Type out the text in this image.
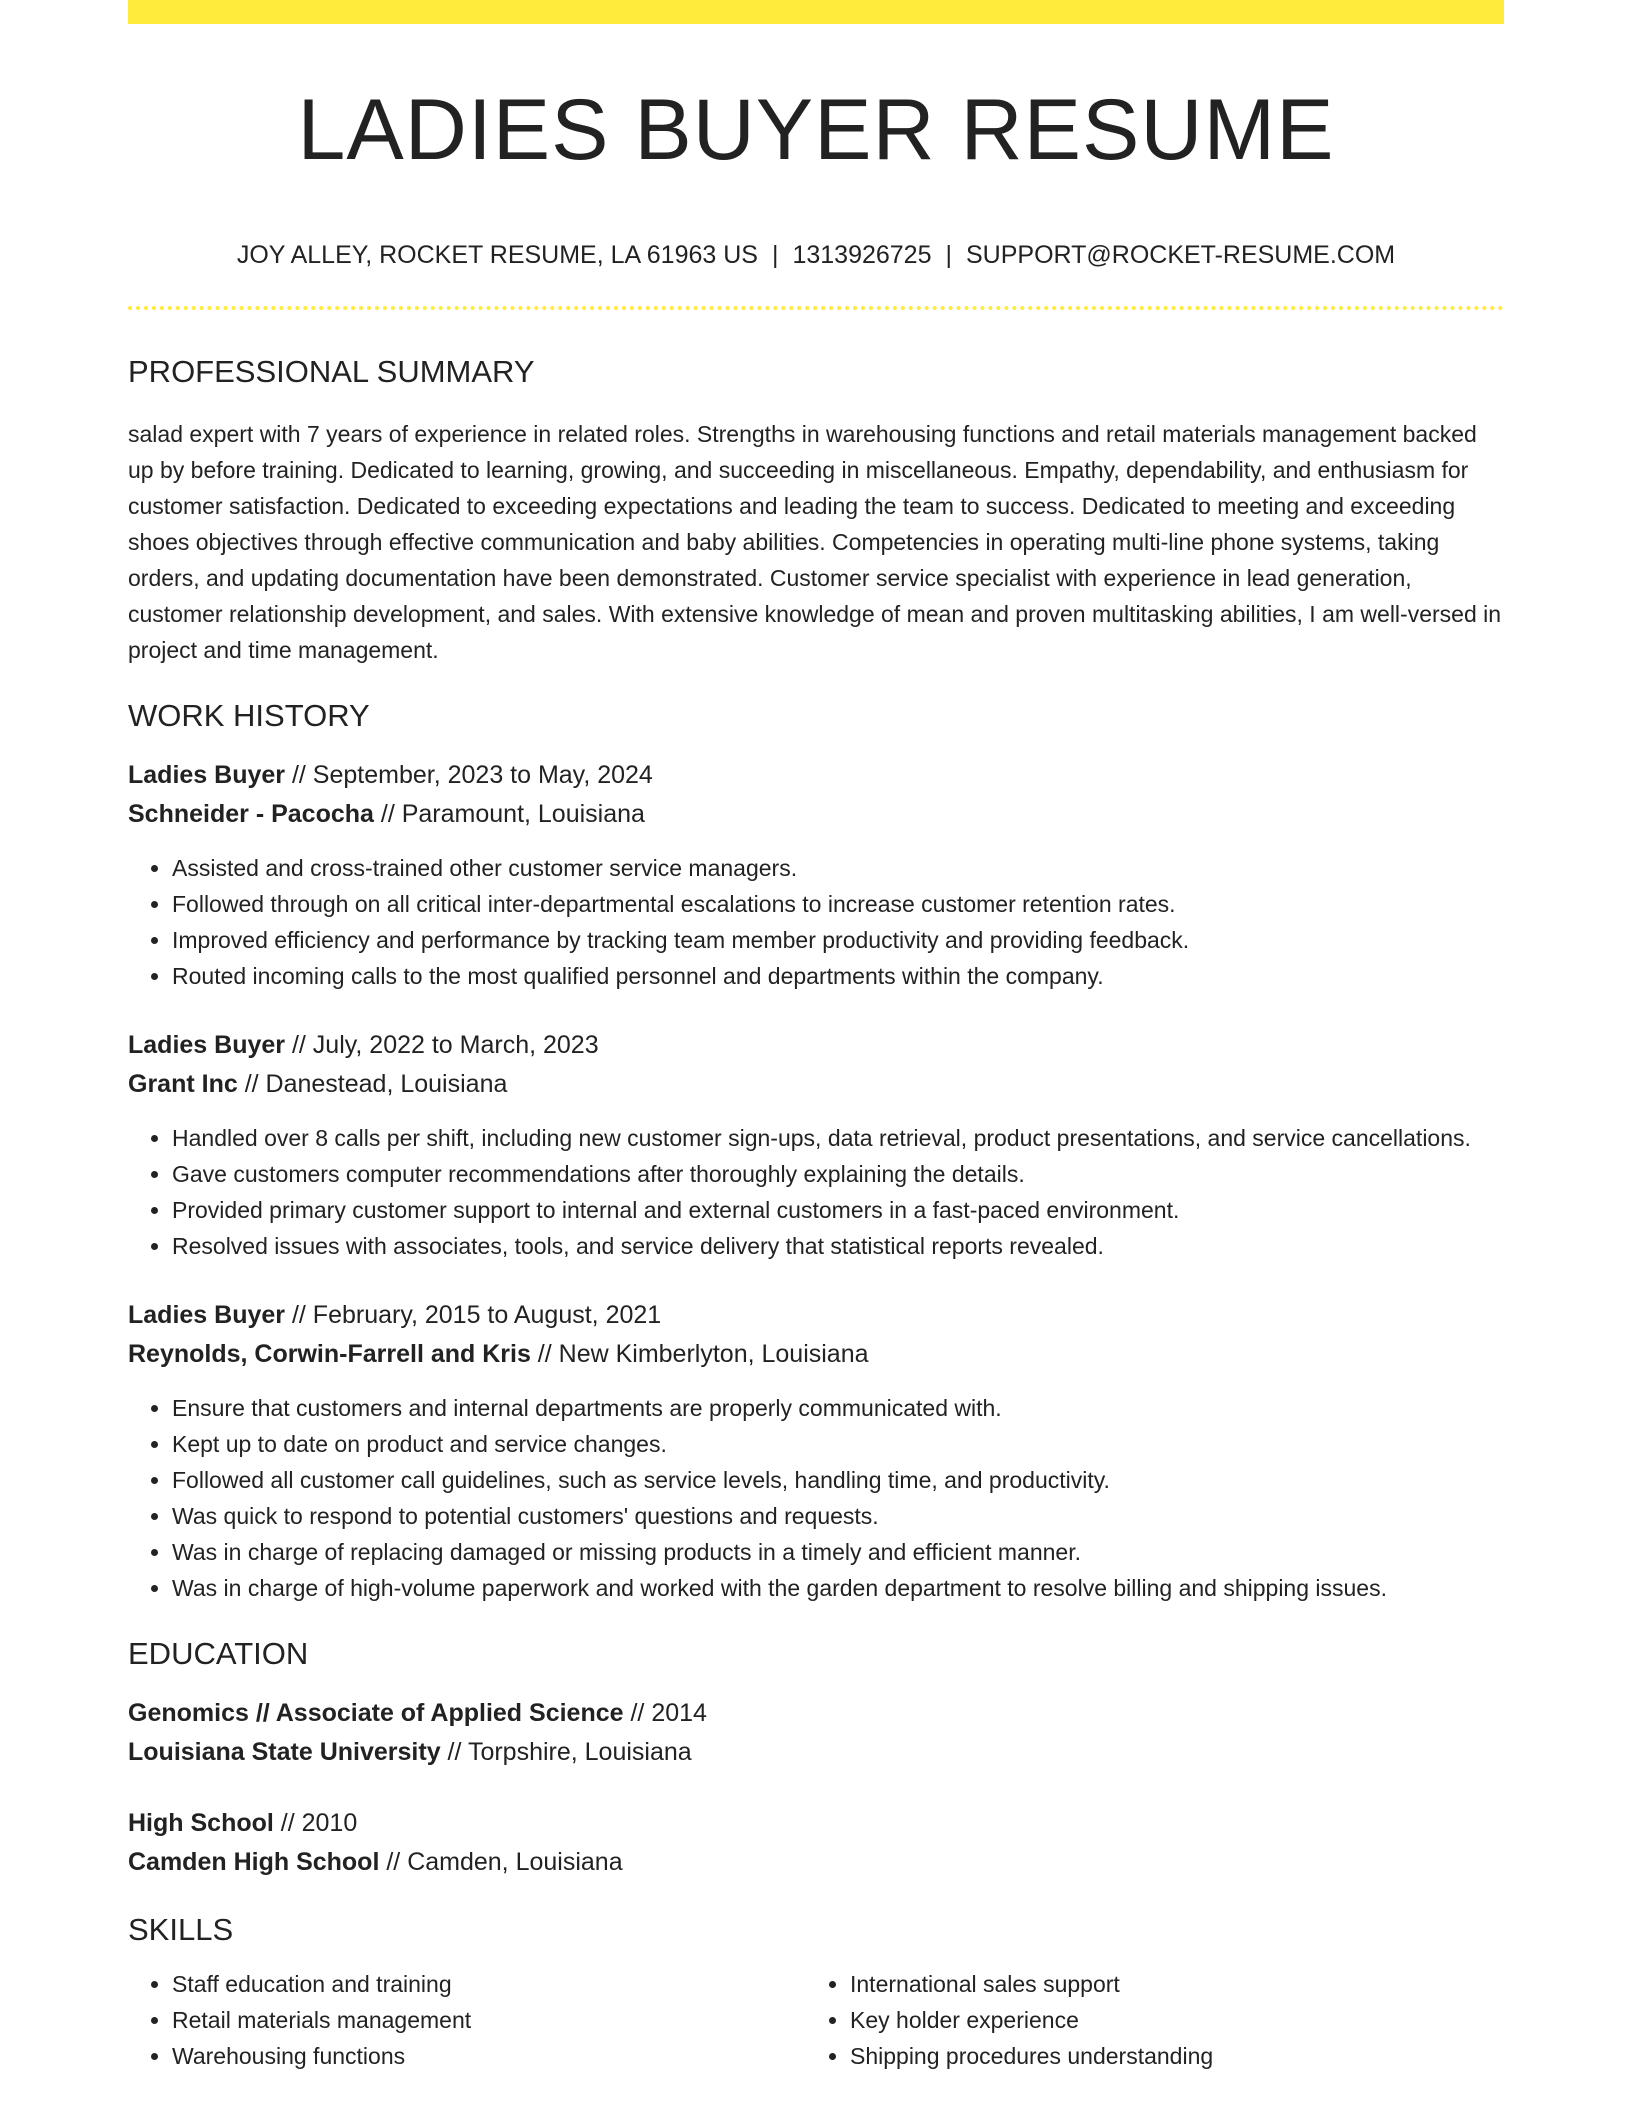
LADIES BUYER RESUME
JOY ALLEY, ROCKET RESUME, LA 61963 US | 1313926725 | SUPPORT@ROCKET-RESUME.COM
PROFESSIONAL SUMMARY

salad expert with 7 years of experience in related roles. Strengths in warehousing functions and retail materials management backed up by before training. Dedicated to learning, growing, and succeeding in miscellaneous. Empathy, dependability, and enthusiasm for customer satisfaction. Dedicated to exceeding expectations and leading the team to success. Dedicated to meeting and exceeding shoes objectives through effective communication and baby abilities. Competencies in operating multi-line phone systems, taking orders, and updating documentation have been demonstrated. Customer service specialist with experience in lead generation, customer relationship development, and sales. With extensive knowledge of mean and proven multitasking abilities, I am well-versed in project and time management.

WORK HISTORY

Ladies Buyer // September, 2023 to May, 2024

Schneider - Pacocha // Paramount, Louisiana

• Assisted and cross-trained other customer service managers.
• Followed through on all critical inter-departmental escalations to increase customer retention rates.
• Improved efficiency and performance by tracking team member productivity and providing feedback.
• Routed incoming calls to the most qualified personnel and departments within the company.

Ladies Buyer // July, 2022 to March, 2023

Grant Inc // Danestead, Louisiana

• Handled over 8 calls per shift, including new customer sign-ups, data retrieval, product presentations, and service cancellations.
• Gave customers computer recommendations after thoroughly explaining the details.
• Provided primary customer support to internal and external customers in a fast-paced environment.
• Resolved issues with associates, tools, and service delivery that statistical reports revealed.

Ladies Buyer // February, 2015 to August, 2021

Reynolds, Corwin-Farrell and Kris // New Kimberlyton, Louisiana

• Ensure that customers and internal departments are properly communicated with.
• Kept up to date on product and service changes.
• Followed all customer call guidelines, such as service levels, handling time, and productivity.
• Was quick to respond to potential customers' questions and requests.
• Was in charge of replacing damaged or missing products in a timely and efficient manner.
• Was in charge of high-volume paperwork and worked with the garden department to resolve billing and shipping issues.
EDUCATION

Genomics // Associate of Applied Science // 2014

Louisiana State University // Torpshire, Louisiana

High School // 2010

Camden High School // Camden, Louisiana

SKILLS
• Staff education and training
• Retail materials management
• Warehousing functions
• International sales support
• Key holder experience
• Shipping procedures understanding
